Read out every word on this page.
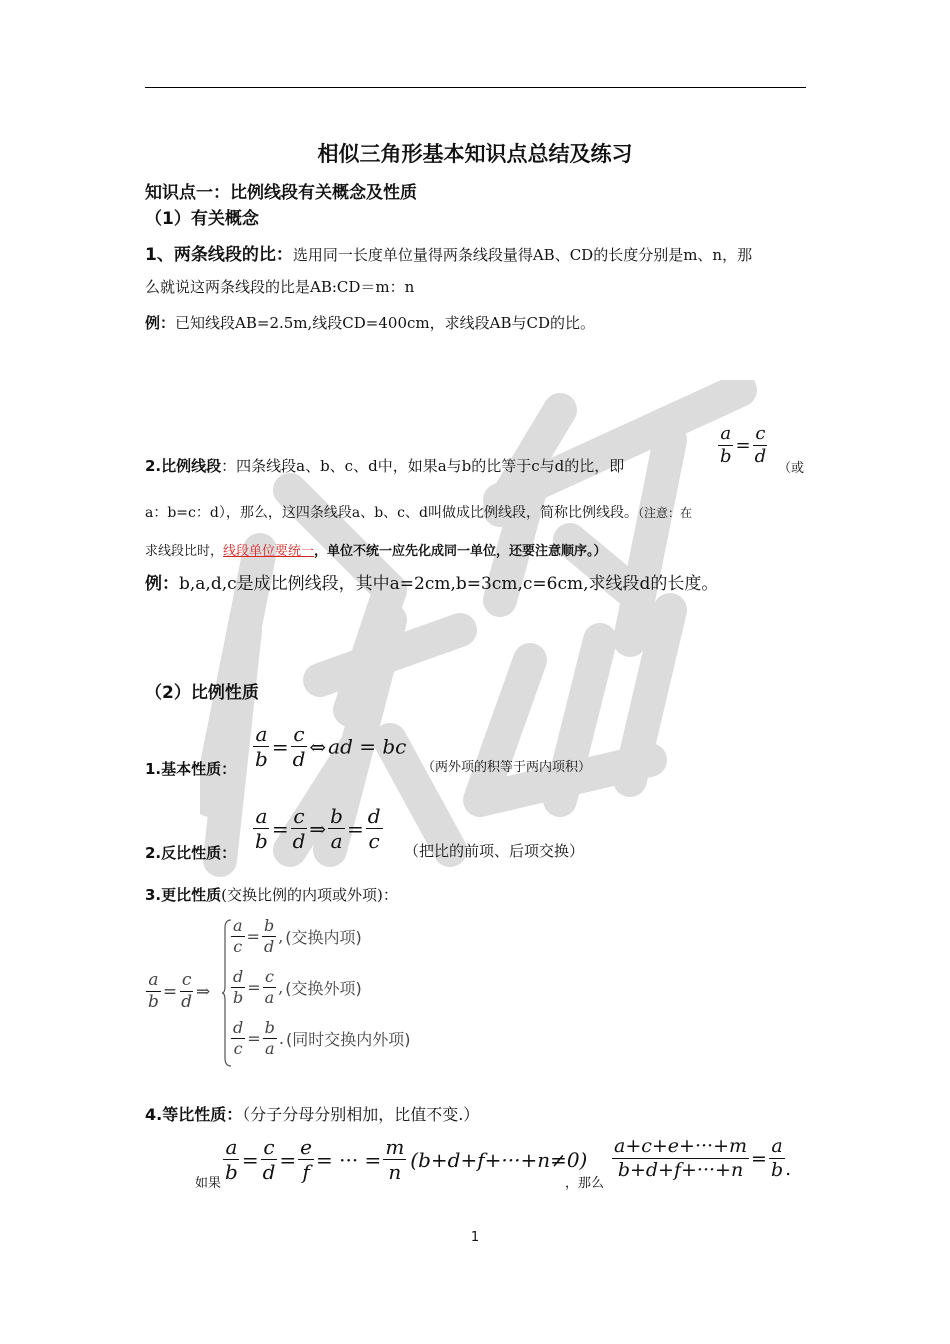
相似三角形基本知识点总结及练习
知识点一：比例线段有关概念及性质
（1）有关概念
1、两条线段的比：选用同一长度单位量得两条线段量得AB、CD的长度分别是m、n，那
么就说这两条线段的比是AB:CD＝m：n
例：已知线段AB=2.5m,线段CD=400cm，求线段AB与CD的比。
2.比例线段：四条线段a、b、c、d中，如果a与b的比等于c与d的比，即	$\frac{a}{b} = \frac{c}{d}$
（或
a：b=c：d），那么，这四条线段a、b、c、d叫做成比例线段，简称比例线段。（注意：在
求线段比时，线段单位要统一，单位不统一应先化成同一单位，还要注意顺序。）
例：b,a,d,c是成比例线段，其中a=2cm,b=3cm,c=6cm,求线段d的长度。
（2）比例性质
$\frac{a}{b} = \frac{c}{d}$ ⇔ ad = bc
1.基本性质：	（两外项的积等于两内项积）
$\frac{a}{b} = \frac{c}{d}$ ⇒ $\frac{b}{a} = \frac{d}{c}$
2.反比性质：	（把比的前项、后项交换）
3.更比性质(交换比例的内项或外项)：
$\frac{a}{b} = \frac{c}{d}$ ⇒
$\frac{a}{c} = \frac{b}{d}$ , (交换内项)
$\frac{d}{b} = \frac{c}{a}$ , (交换外项)
$\frac{d}{c} = \frac{b}{a}$ . (同时交换内外项)
4.等比性质：（分子分母分别相加，比值不变.）
如果
$\frac{a}{b} = \frac{c}{d} = \frac{e}{f}$ = ··· = $\frac{m}{n} (b+d+f+\cdot\cdot\cdot+n\ne 0)$
，那么
$\frac{a+c+e+\cdot\cdot\cdot+m}{b+d+f+\cdot\cdot\cdot+n} = \frac{a}{b}$ .
1
